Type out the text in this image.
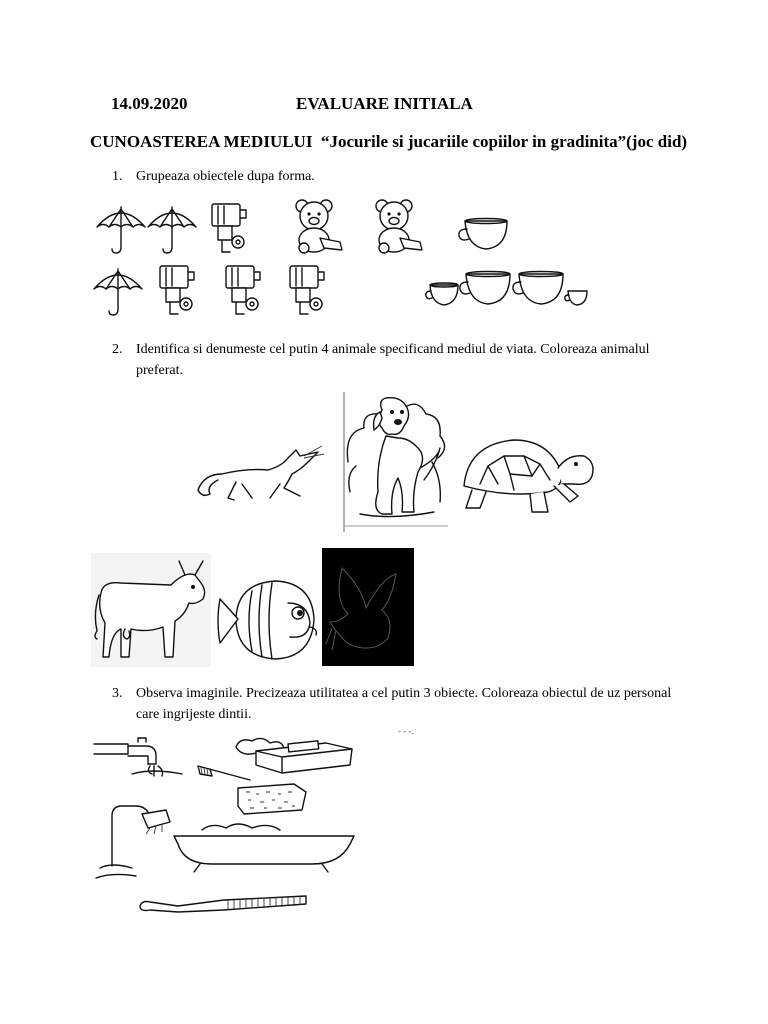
14.09.2020	EVALUARE INITIALA
CUNOASTEREA MEDIULUI “Jocurile si jucariile copiilor in gradinita”(joc did)
1. Grupeaza obiectele dupa forma.
2. Identifica si denumeste cel putin 4 animale specificand mediul de viata. Coloreaza animalul preferat.
3. Observa imaginile. Precizeaza utilitatea a cel putin 3 obiecte. Coloreaza obiectul de uz personal care ingrijeste dintii.
- - -.
